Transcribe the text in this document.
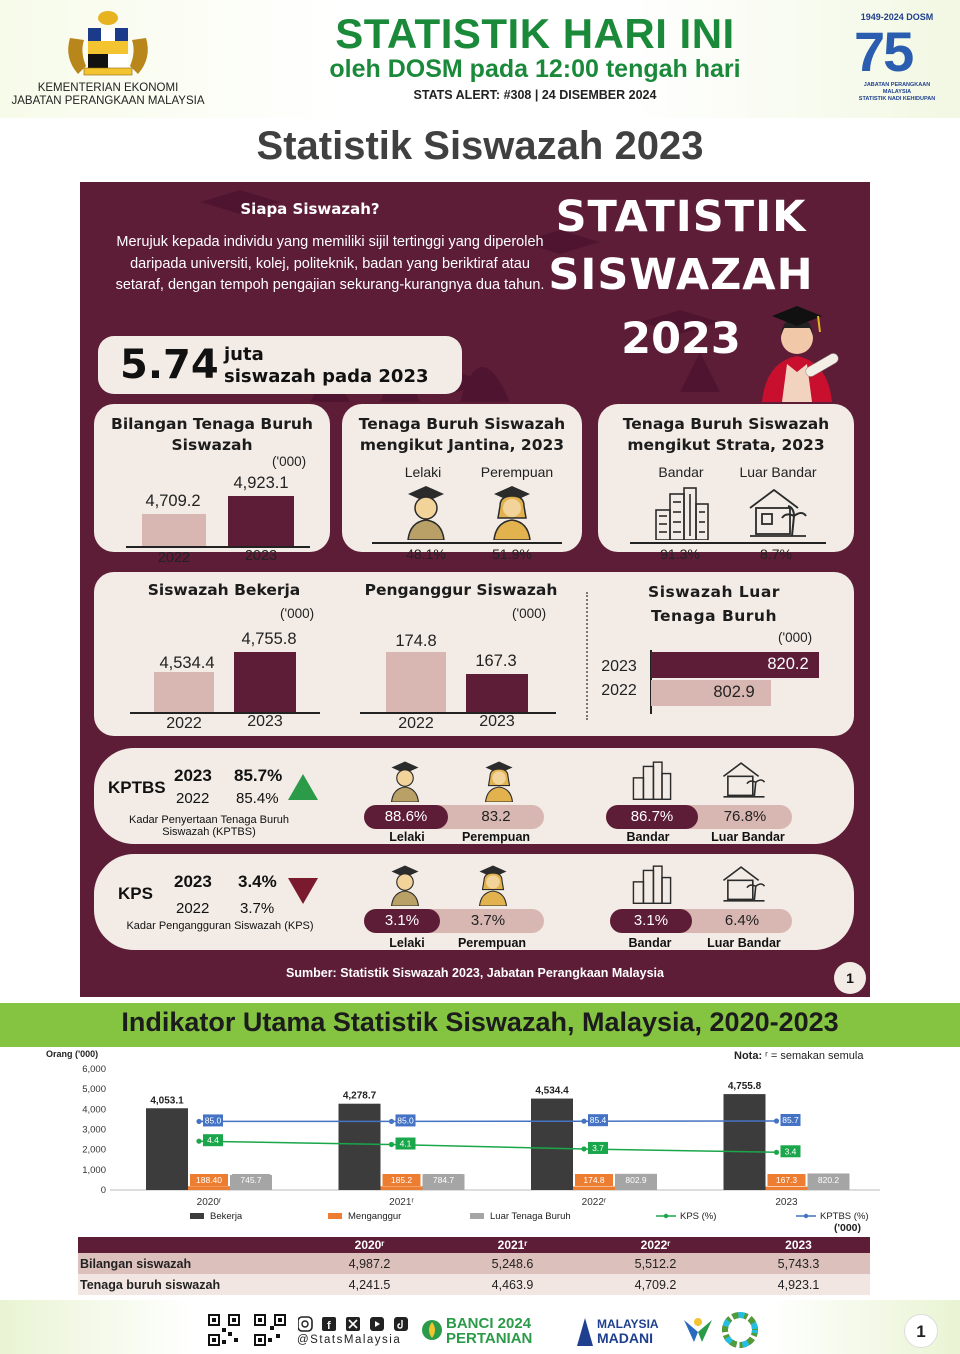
KEMENTERIAN EKONOMI
JABATAN PERANGKAAN MALAYSIA
STATISTIK HARI INI
oleh DOSM pada 12:00 tengah hari
STATS ALERT: #308 | 24 DISEMBER 2024
1949-2024 DOSM
75
JABATAN PERANGKAAN MALAYSIA
STATISTIK NADI KEHIDUPAN
Statistik Siswazah 2023
Siapa Siswazah?
Merujuk kepada individu yang memiliki sijil tertinggi yang diperoleh daripada universiti, kolej, politeknik, badan yang beriktiraf atau setaraf, dengan tempoh pengajian sekurang-kurangnya dua tahun.
STATISTIK
SISWAZAH
2023
5.74 juta
siswazah pada 2023
Bilangan Tenaga Buruh Siswazah
('000)
4,709.2
4,923.1
2022	2023
Tenaga Buruh Siswazah mengikut Jantina, 2023
Lelaki	Perempuan
48.1%	51.9%
Tenaga Buruh Siswazah mengikut Strata, 2023
Bandar	Luar Bandar
91.3%	8.7%
Siswazah Bekerja
('000)
4,534.4
4,755.8
2022	2023
Penganggur Siswazah
('000)
174.8
167.3
2022	2023
Siswazah Luar Tenaga Buruh
('000)
2023
2022
820.2
802.9
KPTBS
2023 85.7%
2022 85.4%
Kadar Penyertaan Tenaga Buruh Siswazah (KPTBS)
88.6%	83.2
Lelaki	Perempuan
86.7%	76.8%
Bandar	Luar Bandar
KPS
2023 3.4%
2022 3.7%
Kadar Pengangguran Siswazah (KPS)	3.1%	3.7%
Lelaki	Perempuan
3.1%	6.4%
Bandar	Luar Bandar
Sumber: Statistik Siswazah 2023, Jabatan Perangkaan Malaysia	1
Indikator Utama Statistik Siswazah, Malaysia, 2020-2023
Nota: ʳ = semakan semula
Orang ('000)
0
1,000
2,000
3,000
4,000
5,000
6,000
4,053.1
188.40 745.7
2020ʳ
4,278.7
185.2 784.7
2021ʳ
4,534.4
174.8 802.9
2022ʳ
4,755.8
167.3 820.2
2023
4.4	4.1	3.7	3.4
85.0	85.0	85.4	85.7
Bekerja	Menganggur	Luar Tenaga Buruh	KPS (%)	KPTBS (%)
('000)
	2020ʳ	2021ʳ	2022ʳ	2023
Bilangan siswazah	4,987.2	5,248.6	5,512.2	5,743.3
Tenaga buruh siswazah	4,241.5	4,463.9	4,709.2	4,923.1
f
@StatsMalaysia
BANCI 2024
PERTANIAN
MALAYSIA
MADANI	1
